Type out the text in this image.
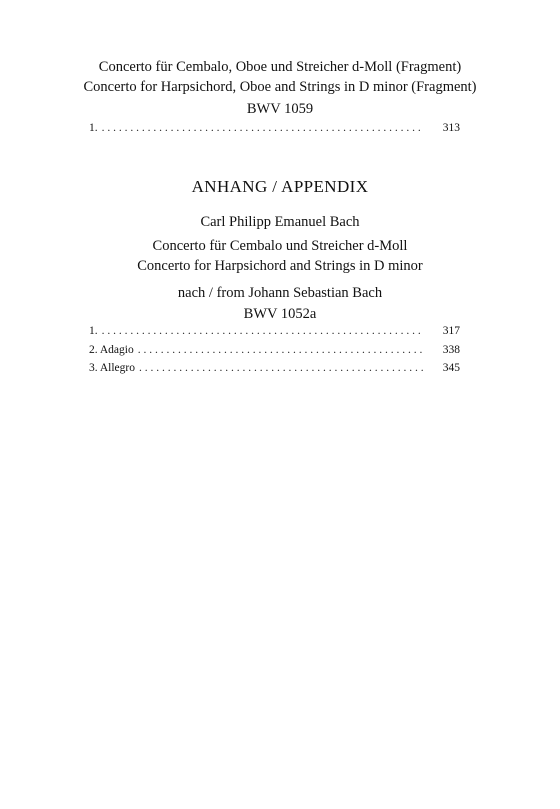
Concerto für Cembalo, Oboe und Streicher d-Moll (Fragment)
Concerto for Harpsichord, Oboe and Strings in D minor (Fragment)
BWV 1059
1. . . .	313
ANHANG / APPENDIX
Carl Philipp Emanuel Bach
Concerto für Cembalo und Streicher d-Moll
Concerto for Harpsichord and Strings in D minor
nach / from Johann Sebastian Bach
BWV 1052a
1. . . .	317
2. Adagio . . .	338
3. Allegro . . .	345
